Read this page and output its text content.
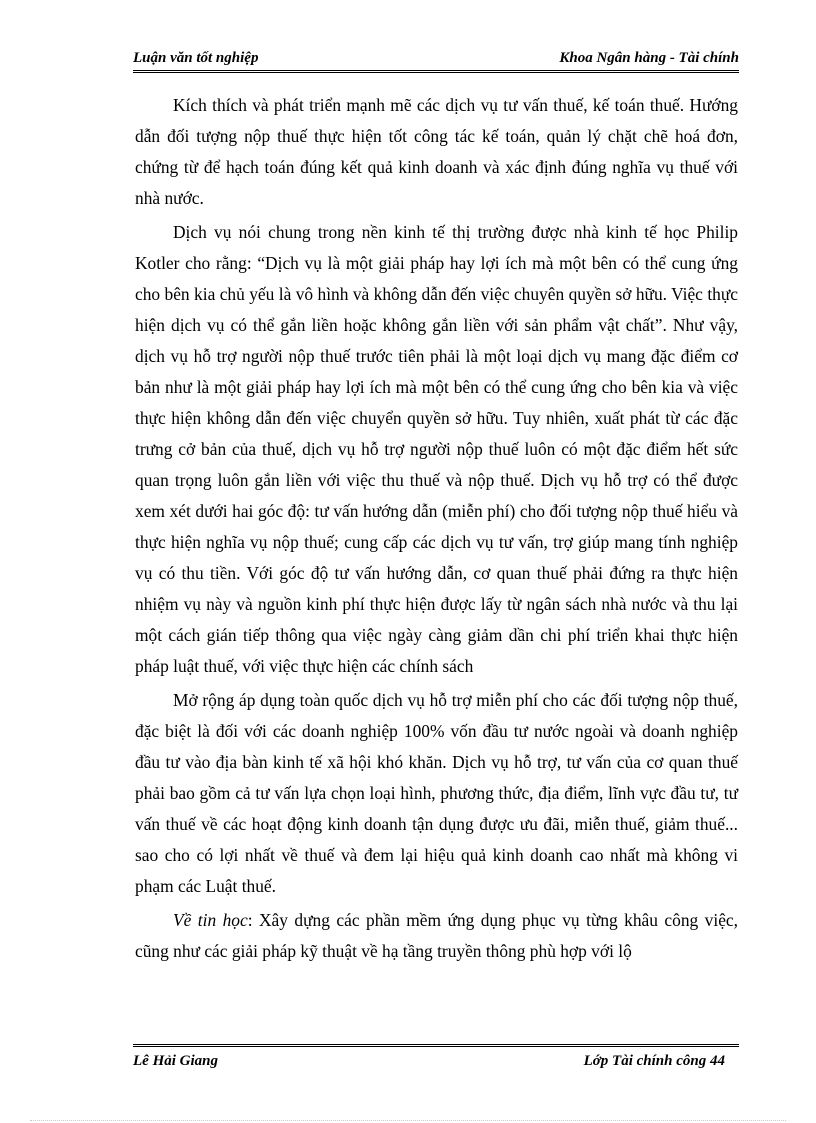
Luận văn tốt nghiệp	Khoa Ngân hàng - Tài chính

Kích thích và phát triển mạnh mẽ các dịch vụ tư vấn thuế, kế toán thuế. Hướng dẫn đối tượng nộp thuế thực hiện tốt công tác kế toán, quản lý chặt chẽ hoá đơn, chứng từ để hạch toán đúng kết quả kinh doanh và xác định đúng nghĩa vụ thuế với nhà nước.

Dịch vụ nói chung trong nền kinh tế thị trường được nhà kinh tế học Philip Kotler cho rằng: “Dịch vụ là một giải pháp hay lợi ích mà một bên có thể cung ứng cho bên kia chủ yếu là vô hình và không dẫn đến việc chuyên quyền sở hữu. Việc thực hiện dịch vụ có thể gắn liền hoặc không gắn liền với sản phẩm vật chất”. Như vậy, dịch vụ hỗ trợ người nộp thuế trước tiên phải là một loại dịch vụ mang đặc điểm cơ bản như là một giải pháp hay lợi ích mà một bên có thể cung ứng cho bên kia và việc thực hiện không dẫn đến việc chuyển quyền sở hữu. Tuy nhiên, xuất phát từ các đặc trưng cở bản của thuế, dịch vụ hỗ trợ người nộp thuế luôn có một đặc điểm hết sức quan trọng luôn gắn liền với việc thu thuế và nộp thuế. Dịch vụ hỗ trợ có thể được xem xét dưới hai góc độ: tư vấn hướng dẫn (miễn phí) cho đối tượng nộp thuế hiểu và thực hiện nghĩa vụ nộp thuế; cung cấp các dịch vụ tư vấn, trợ giúp mang tính nghiệp vụ có thu tiền. Với góc độ tư vấn hướng dẫn, cơ quan thuế phải đứng ra thực hiện nhiệm vụ này và nguồn kinh phí thực hiện được lấy từ ngân sách nhà nước và thu lại một cách gián tiếp thông qua việc ngày càng giảm dần chi phí triển khai thực hiện pháp luật thuế, với việc thực hiện các chính sách

Mở rộng áp dụng toàn quốc dịch vụ hỗ trợ miễn phí cho các đối tượng nộp thuế, đặc biệt là đối với các doanh nghiệp 100% vốn đầu tư nước ngoài và doanh nghiệp đầu tư vào địa bàn kinh tế xã hội khó khăn. Dịch vụ hỗ trợ, tư vấn của cơ quan thuế phải bao gồm cả tư vấn lựa chọn loại hình, phương thức, địa điểm, lĩnh vực đầu tư, tư vấn thuế về các hoạt động kinh doanh tận dụng được ưu đãi, miễn thuế, giảm thuế... sao cho có lợi nhất về thuế và đem lại hiệu quả kinh doanh cao nhất mà không vi phạm các Luật thuế.

Về tin học: Xây dựng các phần mềm ứng dụng phục vụ từng khâu công việc, cũng như các giải pháp kỹ thuật về hạ tầng truyền thông phù hợp với lộ

Lê Hải Giang	Lớp Tài chính công 44
